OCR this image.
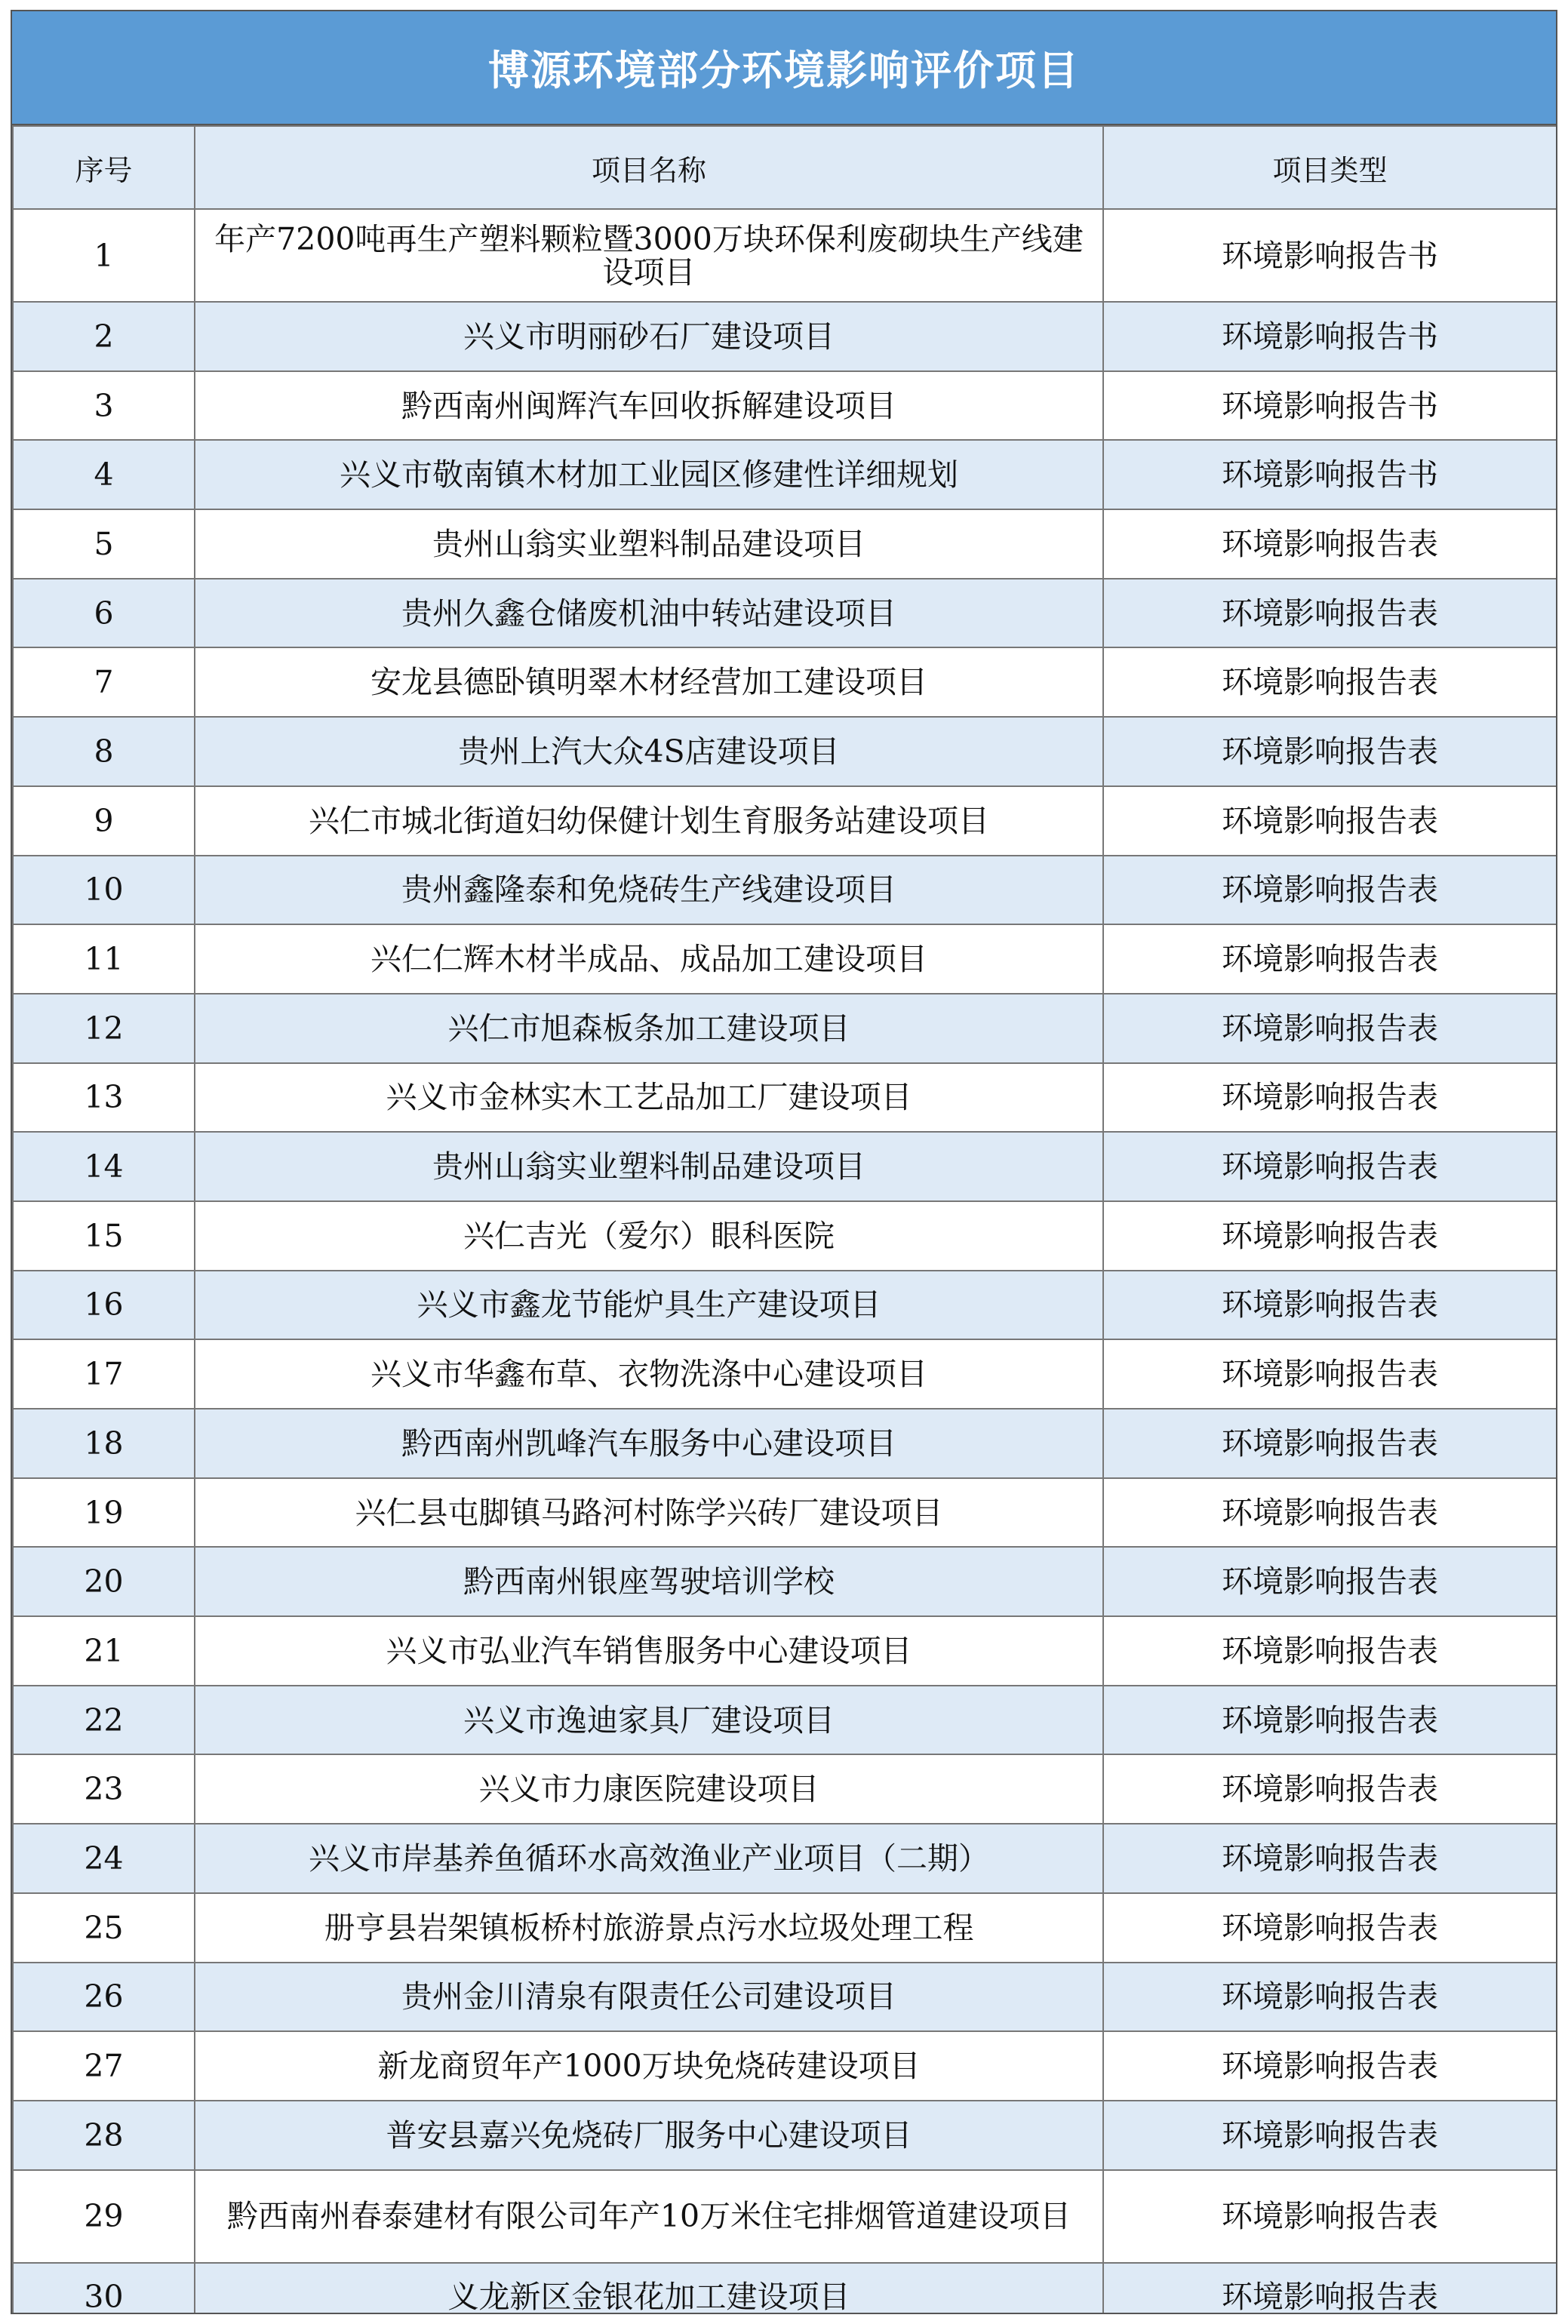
博源环境部分环境影响评价项目
序号	项目名称	项目类型
1	年产7200吨再生产塑料颗粒暨3000万块环保利废砌块生产线建设项目	环境影响报告书
2	兴义市明丽砂石厂建设项目	环境影响报告书
3	黔西南州闽辉汽车回收拆解建设项目	环境影响报告书
4	兴义市敬南镇木材加工业园区修建性详细规划	环境影响报告书
5	贵州山翁实业塑料制品建设项目	环境影响报告表
6	贵州久鑫仓储废机油中转站建设项目	环境影响报告表
7	安龙县德卧镇明翠木材经营加工建设项目	环境影响报告表
8	贵州上汽大众4S店建设项目	环境影响报告表
9	兴仁市城北街道妇幼保健计划生育服务站建设项目	环境影响报告表
10	贵州鑫隆泰和免烧砖生产线建设项目	环境影响报告表
11	兴仁仁辉木材半成品、成品加工建设项目	环境影响报告表
12	兴仁市旭森板条加工建设项目	环境影响报告表
13	兴义市金林实木工艺品加工厂建设项目	环境影响报告表
14	贵州山翁实业塑料制品建设项目	环境影响报告表
15	兴仁吉光（爱尔）眼科医院	环境影响报告表
16	兴义市鑫龙节能炉具生产建设项目	环境影响报告表
17	兴义市华鑫布草、衣物洗涤中心建设项目	环境影响报告表
18	黔西南州凯峰汽车服务中心建设项目	环境影响报告表
19	兴仁县屯脚镇马路河村陈学兴砖厂建设项目	环境影响报告表
20	黔西南州银座驾驶培训学校	环境影响报告表
21	兴义市弘业汽车销售服务中心建设项目	环境影响报告表
22	兴义市逸迪家具厂建设项目	环境影响报告表
23	兴义市力康医院建设项目	环境影响报告表
24	兴义市岸基养鱼循环水高效渔业产业项目（二期）	环境影响报告表
25	册亨县岩架镇板桥村旅游景点污水垃圾处理工程	环境影响报告表
26	贵州金川清泉有限责任公司建设项目	环境影响报告表
27	新龙商贸年产1000万块免烧砖建设项目	环境影响报告表
28	普安县嘉兴免烧砖厂服务中心建设项目	环境影响报告表
29	黔西南州春泰建材有限公司年产10万米住宅排烟管道建设项目	环境影响报告表
30	义龙新区金银花加工建设项目	环境影响报告表
